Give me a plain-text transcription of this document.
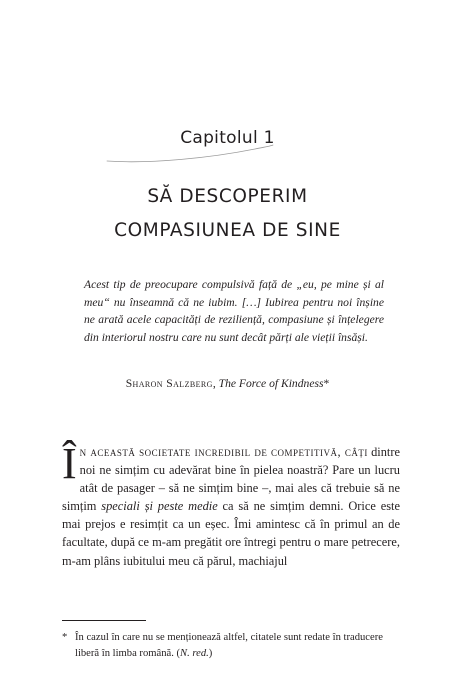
Capitolul 1
SĂ DESCOPERIM
COMPASIUNEA DE SINE
Acest tip de preocupare compulsivă față de „eu, pe mine și al meu“ nu înseamnă că ne iubim. […] Iubirea pentru noi înșine ne arată acele capacități de reziliență, compasiune și înțelegere din interiorul nostru care nu sunt decât părți ale vieții însăși.
Sharon Salzberg, The Force of Kindness*
În această societate incredibil de competitivă, câți dintre noi ne simțim cu adevărat bine în pielea noastră? Pare un lucru atât de pasager – să ne simțim bine –, mai ales că trebuie să ne simțim speciali și peste medie ca să ne simțim demni. Orice este mai prejos e resimțit ca un eșec. Îmi amintesc că în primul an de facultate, după ce m-am pregătit ore întregi pentru o mare petrecere, m-am plâns iubitului meu că părul, machiajul
* În cazul în care nu se menționează altfel, citatele sunt redate în traducere liberă în limba română. (N. red.)
